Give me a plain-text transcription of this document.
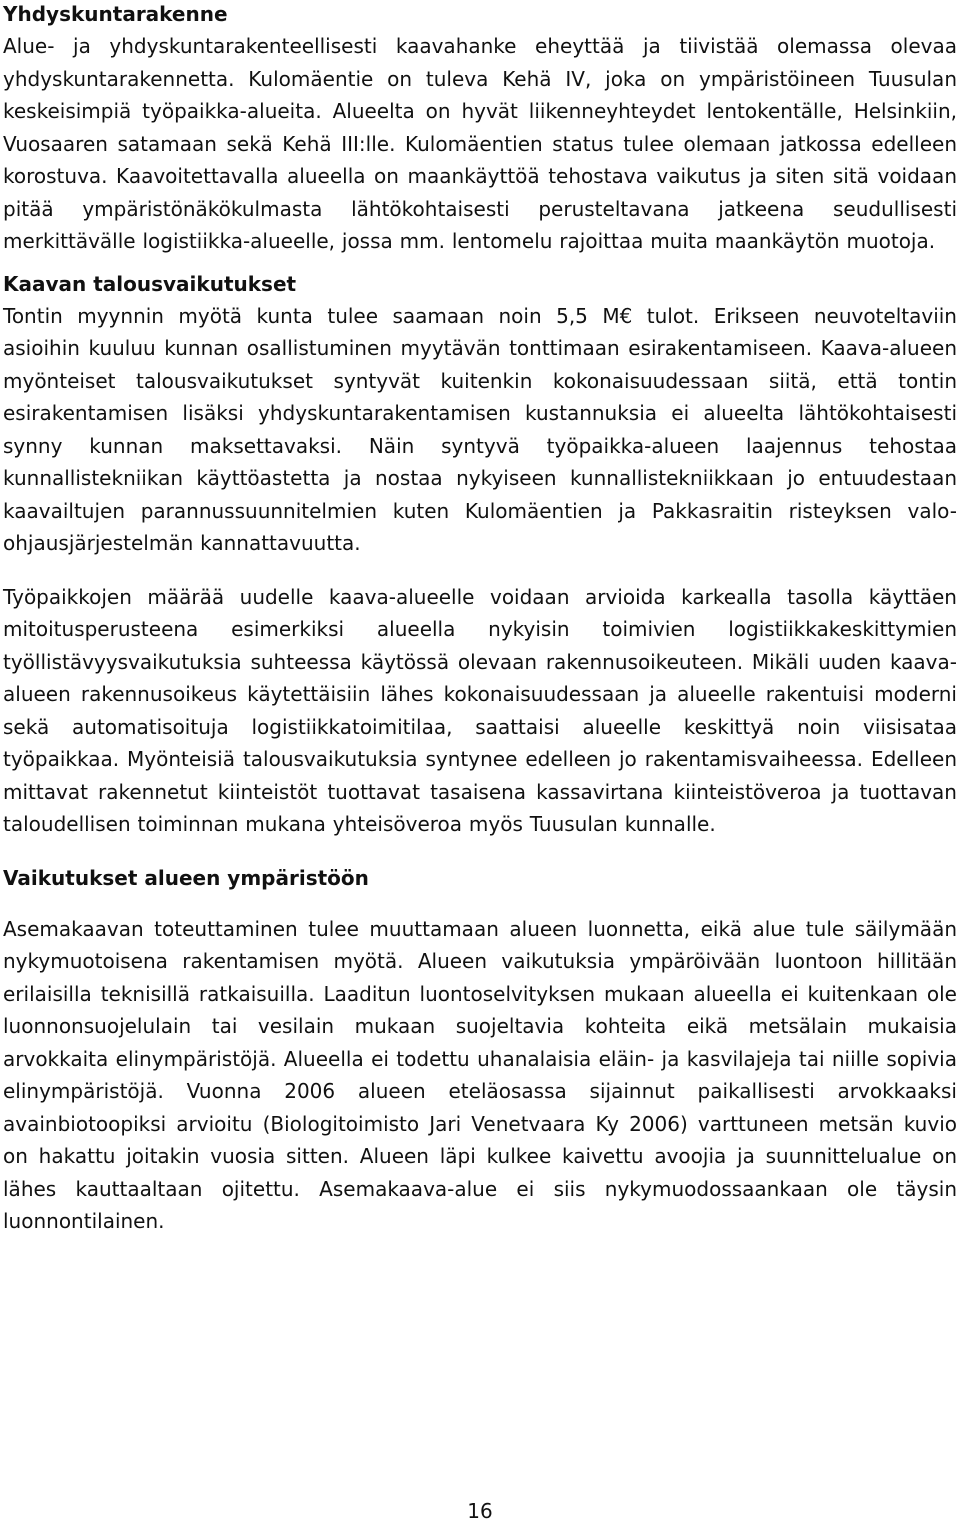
Yhdyskuntarakenne

Alue- ja yhdyskuntarakenteellisesti kaavahanke eheyttää ja tiivistää olemassa olevaa yhdyskuntarakennetta. Kulomäentie on tuleva Kehä IV, joka on ympäristöineen Tuusulan keskeisimpiä työpaikka-alueita. Alueelta on hyvät liikenneyhteydet lentokentälle, Helsinkiin, Vuosaaren satamaan sekä Kehä III:lle. Kulomäentien status tulee olemaan jatkossa edelleen korostuva. Kaavoitettavalla alueella on maankäyttöä tehostava vaikutus ja siten sitä voidaan pitää ympäristönäkökulmasta lähtökohtaisesti perusteltavana jatkeena seudullisesti merkittävälle logistiikka-alueelle, jossa mm. lentomelu rajoittaa muita maankäytön muotoja.

Kaavan talousvaikutukset

Tontin myynnin myötä kunta tulee saamaan noin 5,5 M€ tulot. Erikseen neuvoteltaviin asioihin kuuluu kunnan osallistuminen myytävän tonttimaan esirakentamiseen. Kaava-alueen myönteiset talousvaikutukset syntyvät kuitenkin kokonaisuudessaan siitä, että tontin esirakentamisen lisäksi yhdyskuntarakentamisen kustannuksia ei alueelta lähtökohtaisesti synny kunnan maksettavaksi. Näin syntyvä työpaikka-alueen laajennus tehostaa kunnallistekniikan käyttöastetta ja nostaa nykyiseen kunnallistekniikkaan jo entuudestaan kaavailtujen parannussuunnitelmien kuten Kulomäentien ja Pakkasraitin risteyksen valo-ohjausjärjestelmän kannattavuutta.

Työpaikkojen määrää uudelle kaava-alueelle voidaan arvioida karkealla tasolla käyttäen mitoitusperusteena esimerkiksi alueella nykyisin toimivien logistiikkakeskittymien työllistävyysvaikutuksia suhteessa käytössä olevaan rakennusoikeuteen. Mikäli uuden kaava-alueen rakennusoikeus käytettäisiin lähes kokonaisuudessaan ja alueelle rakentuisi moderni sekä automatisoituja logistiikkatoimitilaa, saattaisi alueelle keskittyä noin viisisataa työpaikkaa. Myönteisiä talousvaikutuksia syntynee edelleen jo rakentamisvaiheessa. Edelleen mittavat rakennetut kiinteistöt tuottavat tasaisena kassavirtana kiinteistöveroa ja tuottavan taloudellisen toiminnan mukana yhteisöveroa myös Tuusulan kunnalle.

Vaikutukset alueen ympäristöön

Asemakaavan toteuttaminen tulee muuttamaan alueen luonnetta, eikä alue tule säilymään nykymuotoisena rakentamisen myötä. Alueen vaikutuksia ympäröivään luontoon hillitään erilaisilla teknisillä ratkaisuilla. Laaditun luontoselvityksen mukaan alueella ei kuitenkaan ole luonnonsuojelulain tai vesilain mukaan suojeltavia kohteita eikä metsälain mukaisia arvokkaita elinympäristöjä. Alueella ei todettu uhanalaisia eläin- ja kasvilajeja tai niille sopivia elinympäristöjä. Vuonna 2006 alueen eteläosassa sijainnut paikallisesti arvokkaaksi avainbiotoopiksi arvioitu (Biologitoimisto Jari Venetvaara Ky 2006) varttuneen metsän kuvio on hakattu joitakin vuosia sitten. Alueen läpi kulkee kaivettu avoojia ja suunnittelualue on lähes kauttaaltaan ojitettu. Asemakaava-alue ei siis nykymuodossaankaan ole täysin luonnontilainen.

16
